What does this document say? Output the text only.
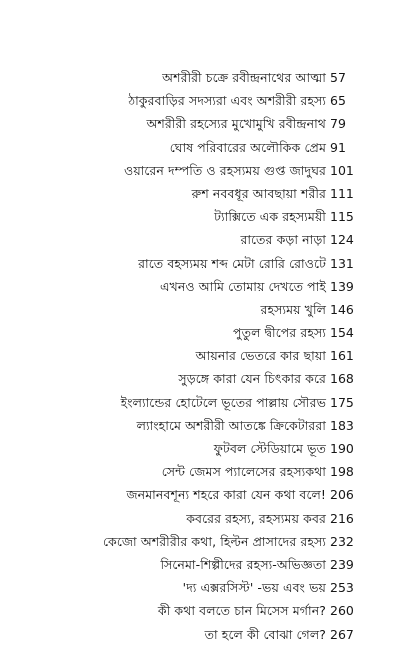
অশরীরী চক্রে রবীন্দ্রনাথের আত্মা 57
ঠাকুরবাড়ির সদস্যরা এবং অশরীরী রহস্য 65
অশরীরী রহস্যের মুখোমুখি রবীন্দ্রনাথ 79
ঘোষ পরিবারের অলৌকিক প্রেম 91
ওয়ারেন দম্পতি ও রহস্যময় গুপ্ত জাদুঘর 101
রুশ নববধূর আবছায়া শরীর 111
ট্যাক্সিতে এক রহস্যময়ী 115
রাতের কড়া নাড়া 124
রাতে বহস্যময় শব্দ মেটা রোরি রোওটে 131
এখনও আমি তোমায় দেখতে পাই 139
রহস্যময় খুলি 146
পুতুল দ্বীপের রহস্য 154
আয়নার ভেতরে কার ছায়া 161
সুড়ঙ্গে কারা যেন চিৎকার করে 168
ইংল্যান্ডের হোটেলে ভূতের পাল্লায় সৌরভ 175
ল্যাংহামে অশরীরী আতঙ্কে ক্রিকেটাররা 183
ফুটবল স্টেডিয়ামে ভূত 190
সেন্ট জেমস প্যালেসের রহস্যকথা 198
জনমানবশূন্য শহরে কারা যেন কথা বলে! 206
কবরের রহস্য, রহস্যময় কবর 216
কেজো অশরীরীর কথা, হিল্টন প্রাসাদের রহস্য 232
সিনেমা-শিল্পীদের রহস্য-অভিজ্ঞতা 239
'দ্য এক্সরসিস্ট' -ভয় এবং ভয় 253
কী কথা বলতে চান মিসেস মর্গান? 260
তা হলে কী বোঝা গেল? 267
